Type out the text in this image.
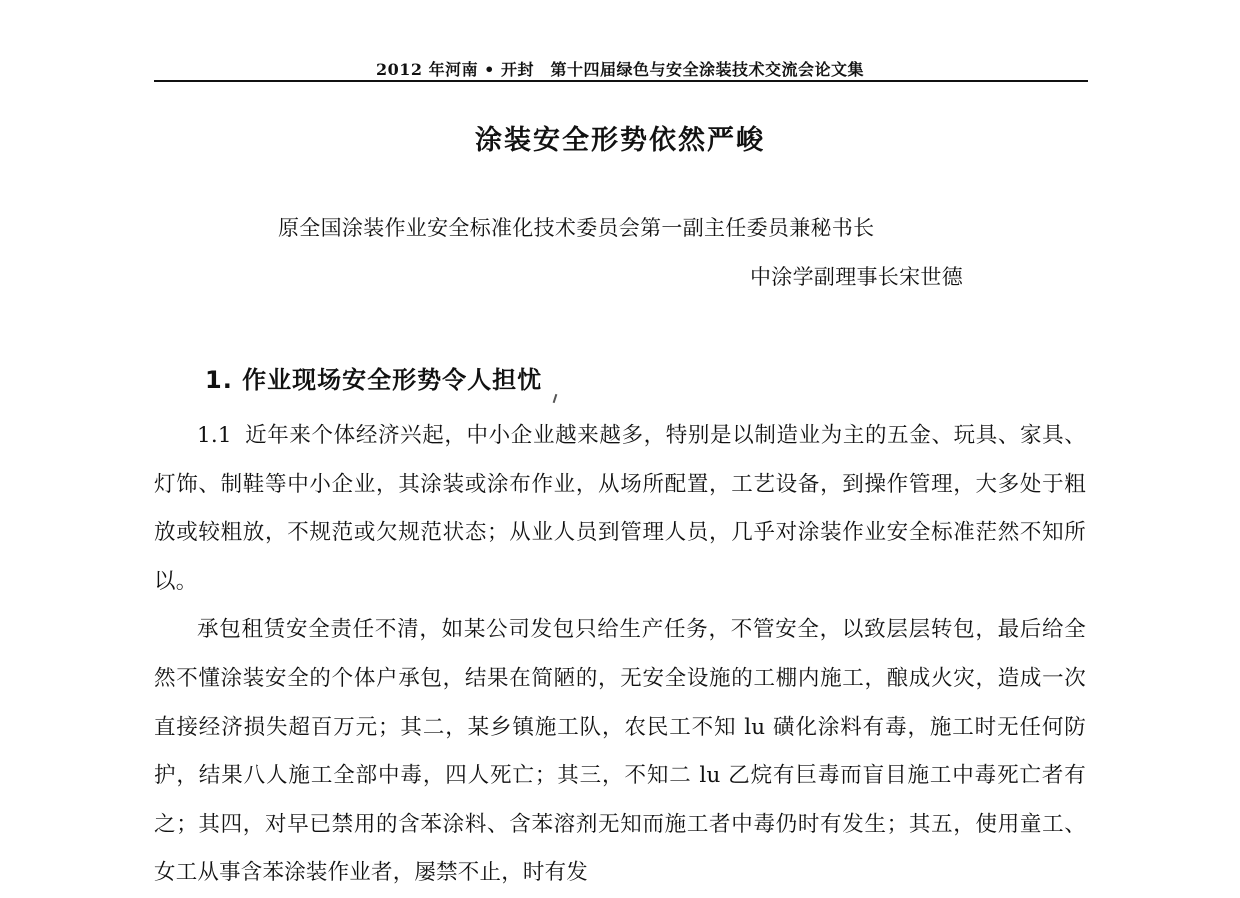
2012 年河南 • 开封　第十四届绿色与安全涂装技术交流会论文集
涂装安全形势依然严峻
原全国涂装作业安全标准化技术委员会第一副主任委员兼秘书长
中涂学副理事长宋世德
1. 作业现场安全形势令人担忧

1.1 近年来个体经济兴起，中小企业越来越多，特别是以制造业为主的五金、玩具、家具、灯饰、制鞋等中小企业，其涂装或涂布作业，从场所配置，工艺设备，到操作管理，大多处于粗放或较粗放，不规范或欠规范状态；从业人员到管理人员，几乎对涂装作业安全标准茫然不知所以。

承包租赁安全责任不清，如某公司发包只给生产任务，不管安全，以致层层转包，最后给全然不懂涂装安全的个体户承包，结果在简陋的，无安全设施的工棚内施工，酿成火灾，造成一次直接经济损失超百万元；其二，某乡镇施工队，农民工不知 lu 磺化涂料有毒，施工时无任何防护，结果八人施工全部中毒，四人死亡；其三，不知二 lu 乙烷有巨毒而盲目施工中毒死亡者有之；其四，对早已禁用的含苯涂料、含苯溶剂无知而施工者中毒仍时有发生；其五，使用童工、女工从事含苯涂装作业者，屡禁不止，时有发
